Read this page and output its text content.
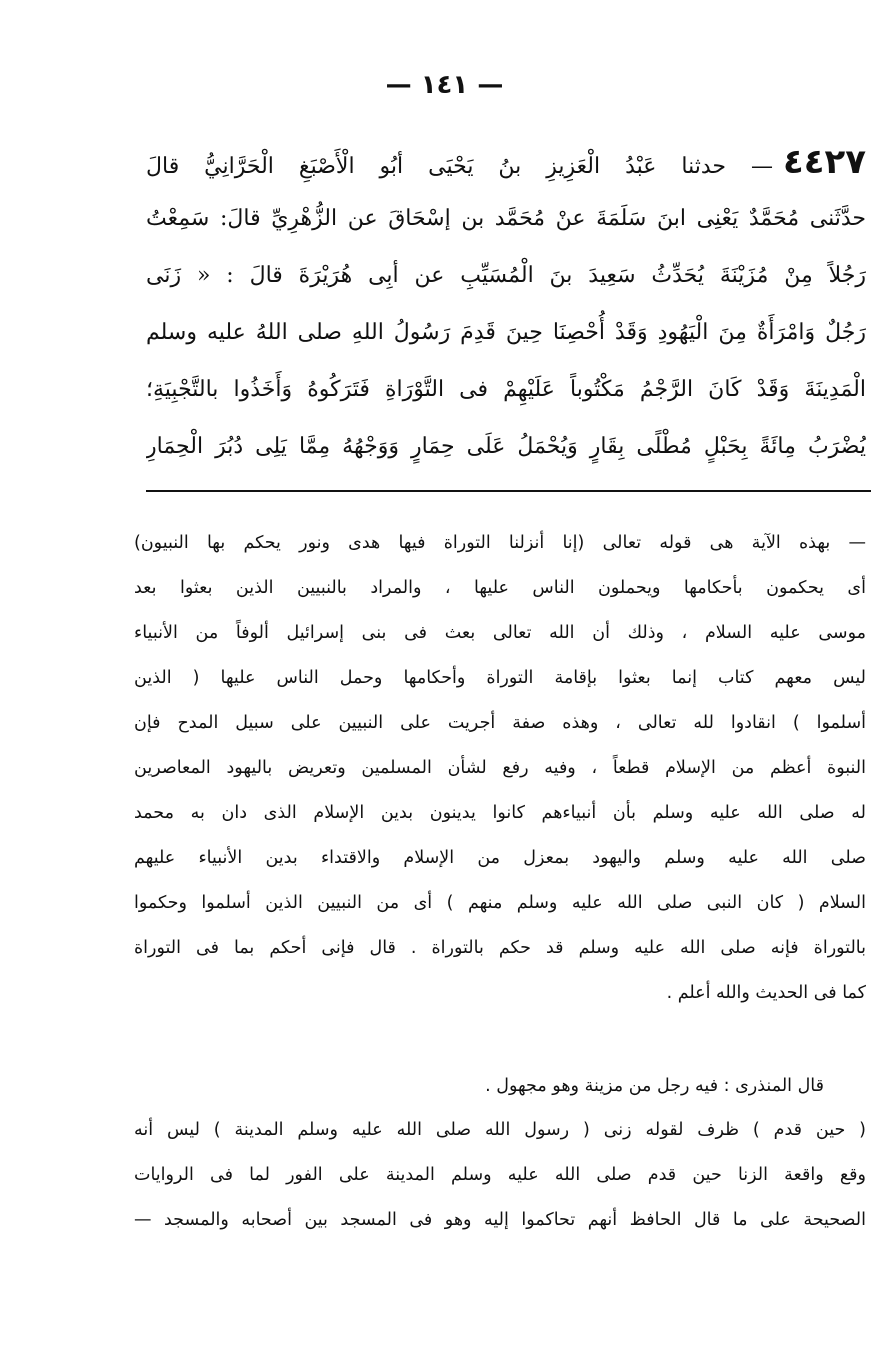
— ١٤١ —
٤٤٢٧— حدثنا عَبْدُ الْعَزِيزِ بنُ يَحْيَى أبُو الْأَصْبَغِ الْحَرَّانِيُّ قالَ
حدَّثَنى مُحَمَّدٌ يَعْنِى ابنَ سَلَمَةَ عنْ مُحَمَّد بن إسْحَاقَ عن الزُّهْرِيِّ قالَ: سَمِعْتُ
رَجُلاً مِنْ مُزَيْنَةَ يُحَدِّثُ سَعِيدَ بنَ الْمُسَيِّبِ عن أبِى هُرَيْرَةَ قالَ : « زَنَى
رَجُلٌ وَامْرَأَةٌ مِنَ الْيَهُودِ وَقَدْ أُحْصِنَا حِينَ قَدِمَ رَسُولُ اللهِ صلى اللهُ عليه وسلم
الْمَدِينَةَ وَقَدْ كَانَ الرَّجْمُ مَكْتُوباً عَلَيْهِمْ فى التَّوْرَاةِ فَتَرَكُوهُ وَأَخَذُوا بالتَّجْبِيَةِ؛
يُضْرَبُ مِائَةً بِحَبْلٍ مُطْلًى بِقَارٍ وَيُحْمَلُ عَلَى حِمَارٍ وَوَجْهُهُ مِمَّا يَلِى دُبُرَ الْحِمَارِ
— بهذه الآية هى قوله تعالى (إنا أنزلنا التوراة فيها هدى ونور يحكم بها النبيون)
أى يحكمون بأحكامها ويحملون الناس عليها ، والمراد بالنبيين الذين بعثوا بعد
موسى عليه السلام ، وذلك أن الله تعالى بعث فى بنى إسرائيل ألوفاً من الأنبياء
ليس معهم كتاب إنما بعثوا بإقامة التوراة وأحكامها وحمل الناس عليها ( الذين
أسلموا ) انقادوا لله تعالى ، وهذه صفة أجريت على النبيين على سبيل المدح فإن
النبوة أعظم من الإسلام قطعاً ، وفيه رفع لشأن المسلمين وتعريض باليهود المعاصرين
له صلى الله عليه وسلم بأن أنبياءهم كانوا يدينون بدين الإسلام الذى دان به محمد
صلى الله عليه وسلم واليهود بمعزل من الإسلام والاقتداء بدين الأنبياء عليهم
السلام ( كان النبى صلى الله عليه وسلم منهم ) أى من النبيين الذين أسلموا وحكموا
بالتوراة فإنه صلى الله عليه وسلم قد حكم بالتوراة . قال فإنى أحكم بما فى التوراة
كما فى الحديث والله أعلم .
قال المنذرى : فيه رجل من مزينة وهو مجهول .
( حين قدم ) ظرف لقوله زنى ( رسول الله صلى الله عليه وسلم المدينة ) ليس أنه
وقع واقعة الزنا حين قدم صلى الله عليه وسلم المدينة على الفور لما فى الروايات
الصحيحة على ما قال الحافظ أنهم تحاكموا إليه وهو فى المسجد بين أصحابه والمسجد —
